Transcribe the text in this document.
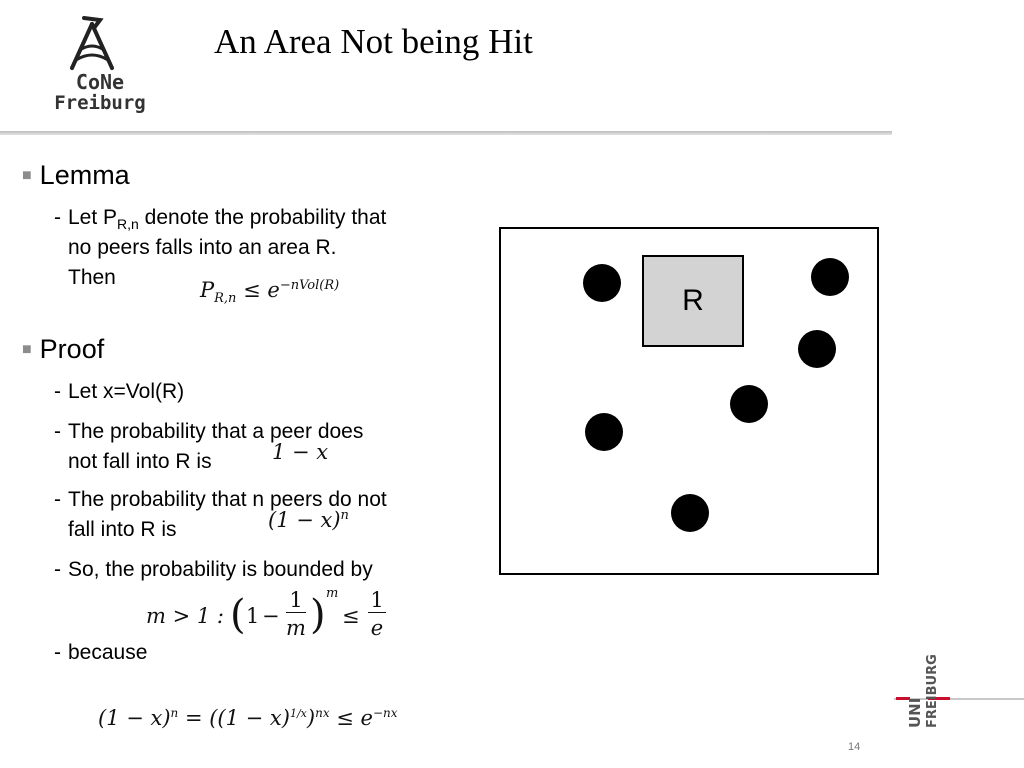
CoNe
Freiburg
An Area Not being Hit
■ Lemma
- Let $P_{R,n}$ denote the probability that
no peers falls into an area R.
Then
$P_{R,n} \le e^{-nVol(R)}$
■ Proof
- Let x=Vol(R)
- The probability that a peer does
not fall into R is	1 − x
- The probability that n peers do not
fall into R is	$(1 - x)^n$
- So, the probability is bounded by
m > 1 : ( 1 −
1
m ) m
≤
1
e
- because
$(1 - x)^n = ((1 - x)^{1/x})^{nx} \le e^{-nx}$
R
UNI FREIBURG
14
